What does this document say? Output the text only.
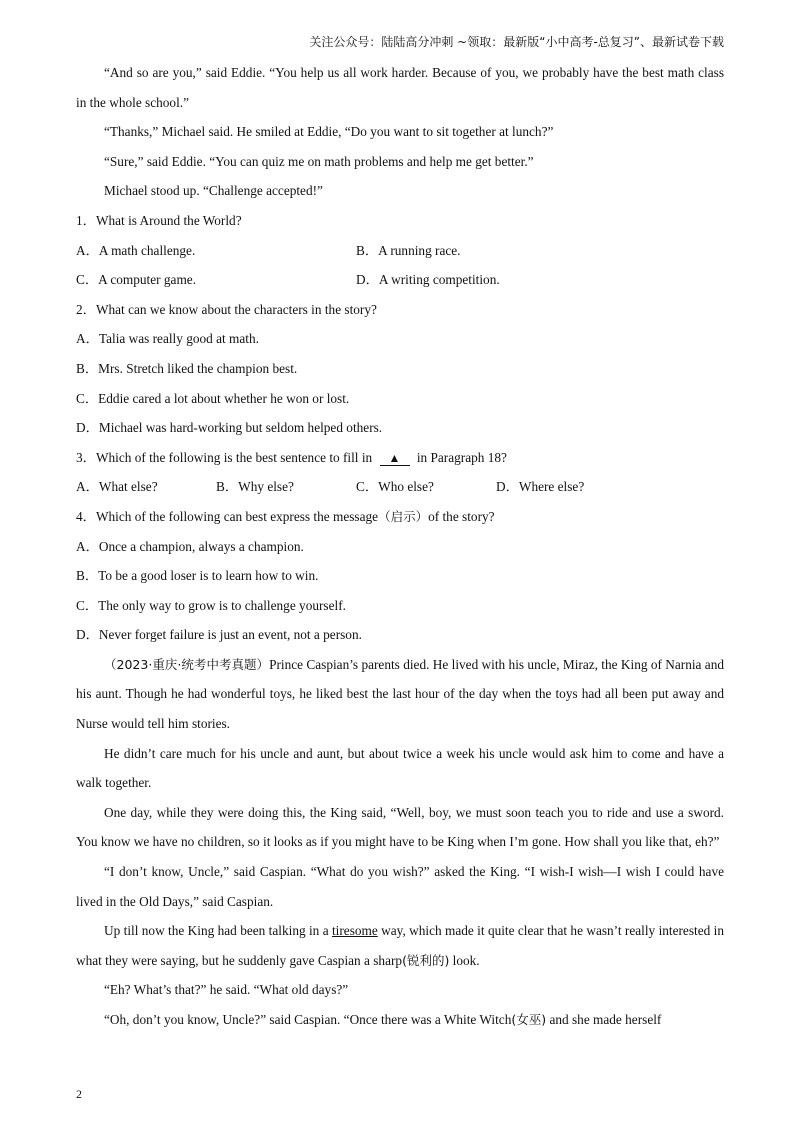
关注公众号：陆陆高分冲刺 ~领取：最新版“小中高考-总复习”、最新试卷下载

“And so are you,” said Eddie. “You help us all work harder. Because of you, we probably have the best math class in the whole school.”

“Thanks,” Michael said. He smiled at Eddie, “Do you want to sit together at lunch?”

“Sure,” said Eddie. “You can quiz me on math problems and help me get better.”

Michael stood up. “Challenge accepted!”

1．What is Around the World?

A．A math challenge.	B．A running race.
C．A computer game.	D．A writing competition.

2．What can we know about the characters in the story?

A．Talia was really good at math.

B．Mrs. Stretch liked the champion best.

C．Eddie cared a lot about whether he won or lost.

D．Michael was hard-working but seldom helped others.

3．Which of the following is the best sentence to fill in ▲ in Paragraph 18?

A．What else?	B．Why else?	C．Who else?	D．Where else?

4．Which of the following can best express the message（启示）of the story?

A．Once a champion, always a champion.

B．To be a good loser is to learn how to win.

C．The only way to grow is to challenge yourself.

D．Never forget failure is just an event, not a person.

（2023·重庆·统考中考真题）Prince Caspian’s parents died. He lived with his uncle, Miraz, the King of Narnia and his aunt. Though he had wonderful toys, he liked best the last hour of the day when the toys had all been put away and Nurse would tell him stories.

He didn’t care much for his uncle and aunt, but about twice a week his uncle would ask him to come and have a walk together.

One day, while they were doing this, the King said, “Well, boy, we must soon teach you to ride and use a sword. You know we have no children, so it looks as if you might have to be King when I’m gone. How shall you like that, eh?”

“I don’t know, Uncle,” said Caspian. “What do you wish?” asked the King. “I wish-I wish—I wish I could have lived in the Old Days,” said Caspian.

Up till now the King had been talking in a tiresome way, which made it quite clear that he wasn’t really interested in what they were saying, but he suddenly gave Caspian a sharp(锐利的) look.

“Eh? What’s that?” he said. “What old days?”

“Oh, don’t you know, Uncle?” said Caspian. “Once there was a White Witch(女巫) and she made herself

2
